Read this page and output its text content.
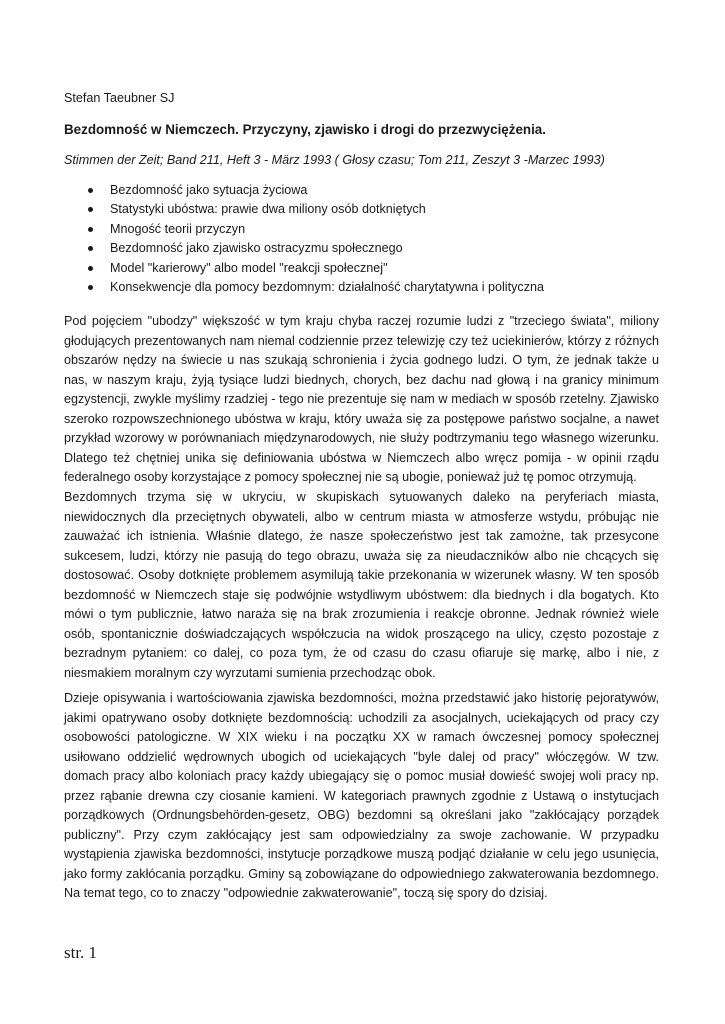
Stefan Taeubner SJ
Bezdomność w Niemczech. Przyczyny, zjawisko i drogi do przezwyciężenia.
Stimmen der Zeit; Band 211, Heft 3 - März 1993 ( Głosy czasu; Tom 211, Zeszyt 3 -Marzec 1993)
Bezdomność jako sytuacja życiowa
Statystyki ubóstwa: prawie dwa miliony osób dotkniętych
Mnogość teorii przyczyn
Bezdomność jako zjawisko ostracyzmu społecznego
Model "karierowy" albo model "reakcji społecznej"
Konsekwencje dla pomocy bezdomnym: działalność charytatywna i polityczna

Pod pojęciem "ubodzy" większość w tym kraju chyba raczej rozumie ludzi z "trzeciego świata", miliony głodujących prezentowanych nam niemal codziennie przez telewizję czy też uciekinierów, którzy z różnych obszarów nędzy na świecie u nas szukają schronienia i życia godnego ludzi. O tym, że jednak także u nas, w naszym kraju, żyją tysiące ludzi biednych, chorych, bez dachu nad głową i na granicy minimum egzystencji, zwykle myślimy rzadziej - tego nie prezentuje się nam w mediach w sposób rzetelny. Zjawisko szeroko rozpowszechnionego ubóstwa w kraju, który uważa się za postępowe państwo socjalne, a nawet przykład wzorowy w porównaniach międzynarodowych, nie służy podtrzymaniu tego własnego wizerunku. Dlatego też chętniej unika się definiowania ubóstwa w Niemczech albo wręcz pomija - w opinii rządu federalnego osoby korzystające z pomocy społecznej nie są ubogie, ponieważ już tę pomoc otrzymują.

Bezdomnych trzyma się w ukryciu, w skupiskach sytuowanych daleko na peryferiach miasta, niewidocznych dla przeciętnych obywateli, albo w centrum miasta w atmosferze wstydu, próbując nie zauważać ich istnienia. Właśnie dlatego, że nasze społeczeństwo jest tak zamożne, tak przesycone sukcesem, ludzi, którzy nie pasują do tego obrazu, uważa się za nieudaczników albo nie chcących się dostosować. Osoby dotknięte problemem asymilują takie przekonania w wizerunek własny. W ten sposób bezdomność w Niemczech staje się podwójnie wstydliwym ubóstwem: dla biednych i dla bogatych. Kto mówi o tym publicznie, łatwo naraża się na brak zrozumienia i reakcje obronne. Jednak również wiele osób, spontanicznie doświadczających współczucia na widok proszącego na ulicy, często pozostaje z bezradnym pytaniem: co dalej, co poza tym, że od czasu do czasu ofiaruje się markę, albo i nie, z niesmakiem moralnym czy wyrzutami sumienia przechodząc obok.

Dzieje opisywania i wartościowania zjawiska bezdomności, można przedstawić jako historię pejoratywów, jakimi opatrywano osoby dotknięte bezdomnością: uchodzili za asocjalnych, uciekających od pracy czy osobowości patologiczne. W XIX wieku i na początku XX w ramach ówczesnej pomocy społecznej usiłowano oddzielić wędrownych ubogich od uciekających "byle dalej od pracy" włóczęgów. W tzw. domach pracy albo koloniach pracy każdy ubiegający się o pomoc musiał dowieść swojej woli pracy np. przez rąbanie drewna czy ciosanie kamieni. W kategoriach prawnych zgodnie z Ustawą o instytucjach porządkowych (Ordnungsbehörden-gesetz, OBG) bezdomni są określani jako "zakłócający porządek publiczny". Przy czym zakłócający jest sam odpowiedzialny za swoje zachowanie. W przypadku wystąpienia zjawiska bezdomności, instytucje porządkowe muszą podjąć działanie w celu jego usunięcia, jako formy zakłócania porządku. Gminy są zobowiązane do odpowiedniego zakwaterowania bezdomnego. Na temat tego, co to znaczy "odpowiednie zakwaterowanie", toczą się spory do dzisiaj.

str. 1
